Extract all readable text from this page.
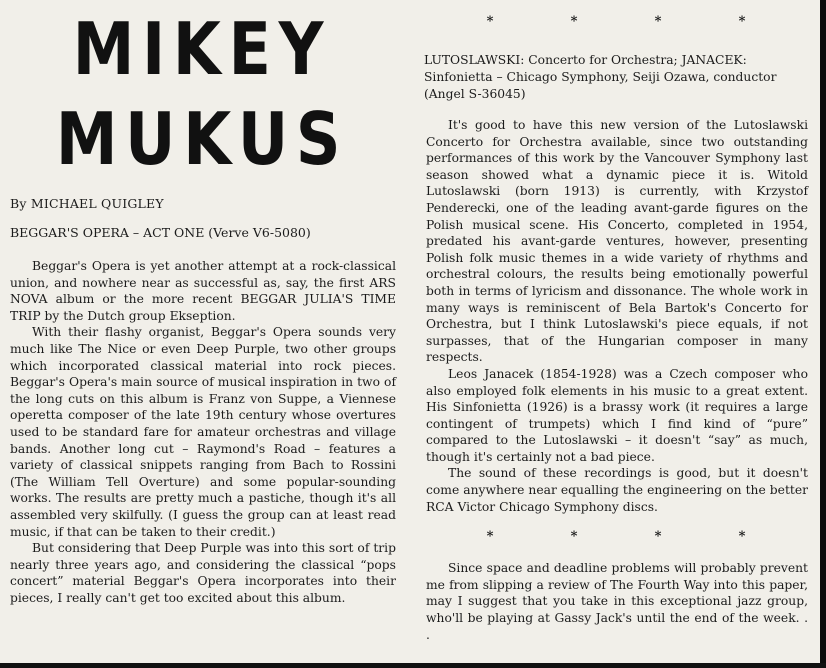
MIKEY
MUKUS
By MICHAEL QUIGLEY
BEGGAR'S OPERA – ACT ONE (Verve V6-5080)

Beggar's Opera is yet another attempt at a rock-classical union, and nowhere near as successful as, say, the first ARS NOVA album or the more recent BEGGAR JULIA'S TIME TRIP by the Dutch group Ekseption.

With their flashy organist, Beggar's Opera sounds very much like The Nice or even Deep Purple, two other groups which incorporated classical material into rock pieces. Beggar's Opera's main source of musical inspiration in two of the long cuts on this album is Franz von Suppe, a Viennese operetta composer of the late 19th century whose overtures used to be standard fare for amateur orchestras and village bands. Another long cut – Raymond's Road – features a variety of classical snippets ranging from Bach to Rossini (The William Tell Overture) and some popular-sounding works. The results are pretty much a pastiche, though it's all assembled very skilfully. (I guess the group can at least read music, if that can be taken to their credit.)

But considering that Deep Purple was into this sort of trip nearly three years ago, and considering the classical “pops concert” material Beggar's Opera incorporates into their pieces, I really can't get too excited about this album.

*	*	*	*
LUTOSLAWSKI: Concerto for Orchestra; JANACEK: Sinfonietta – Chicago Symphony, Seiji Ozawa, conductor (Angel S-36045)

It's good to have this new version of the Lutoslawski Concerto for Orchestra available, since two outstanding performances of this work by the Vancouver Symphony last season showed what a dynamic piece it is. Witold Lutoslawski (born 1913) is currently, with Krzystof Penderecki, one of the leading avant-garde figures on the Polish musical scene. His Concerto, completed in 1954, predated his avant-garde ventures, however, presenting Polish folk music themes in a wide variety of rhythms and orchestral colours, the results being emotionally powerful both in terms of lyricism and dissonance. The whole work in many ways is reminiscent of Bela Bartok's Concerto for Orchestra, but I think Lutoslawski's piece equals, if not surpasses, that of the Hungarian composer in many respects.

Leos Janacek (1854-1928) was a Czech composer who also employed folk elements in his music to a great extent. His Sinfonietta (1926) is a brassy work (it requires a large contingent of trumpets) which I find kind of “pure” compared to the Lutoslawski – it doesn't “say” as much, though it's certainly not a bad piece.

The sound of these recordings is good, but it doesn't come anywhere near equalling the engineering on the better RCA Victor Chicago Symphony discs.

*	*	*	*

Since space and deadline problems will probably prevent me from slipping a review of The Fourth Way into this paper, may I suggest that you take in this exceptional jazz group, who'll be playing at Gassy Jack's until the end of the week. . .
